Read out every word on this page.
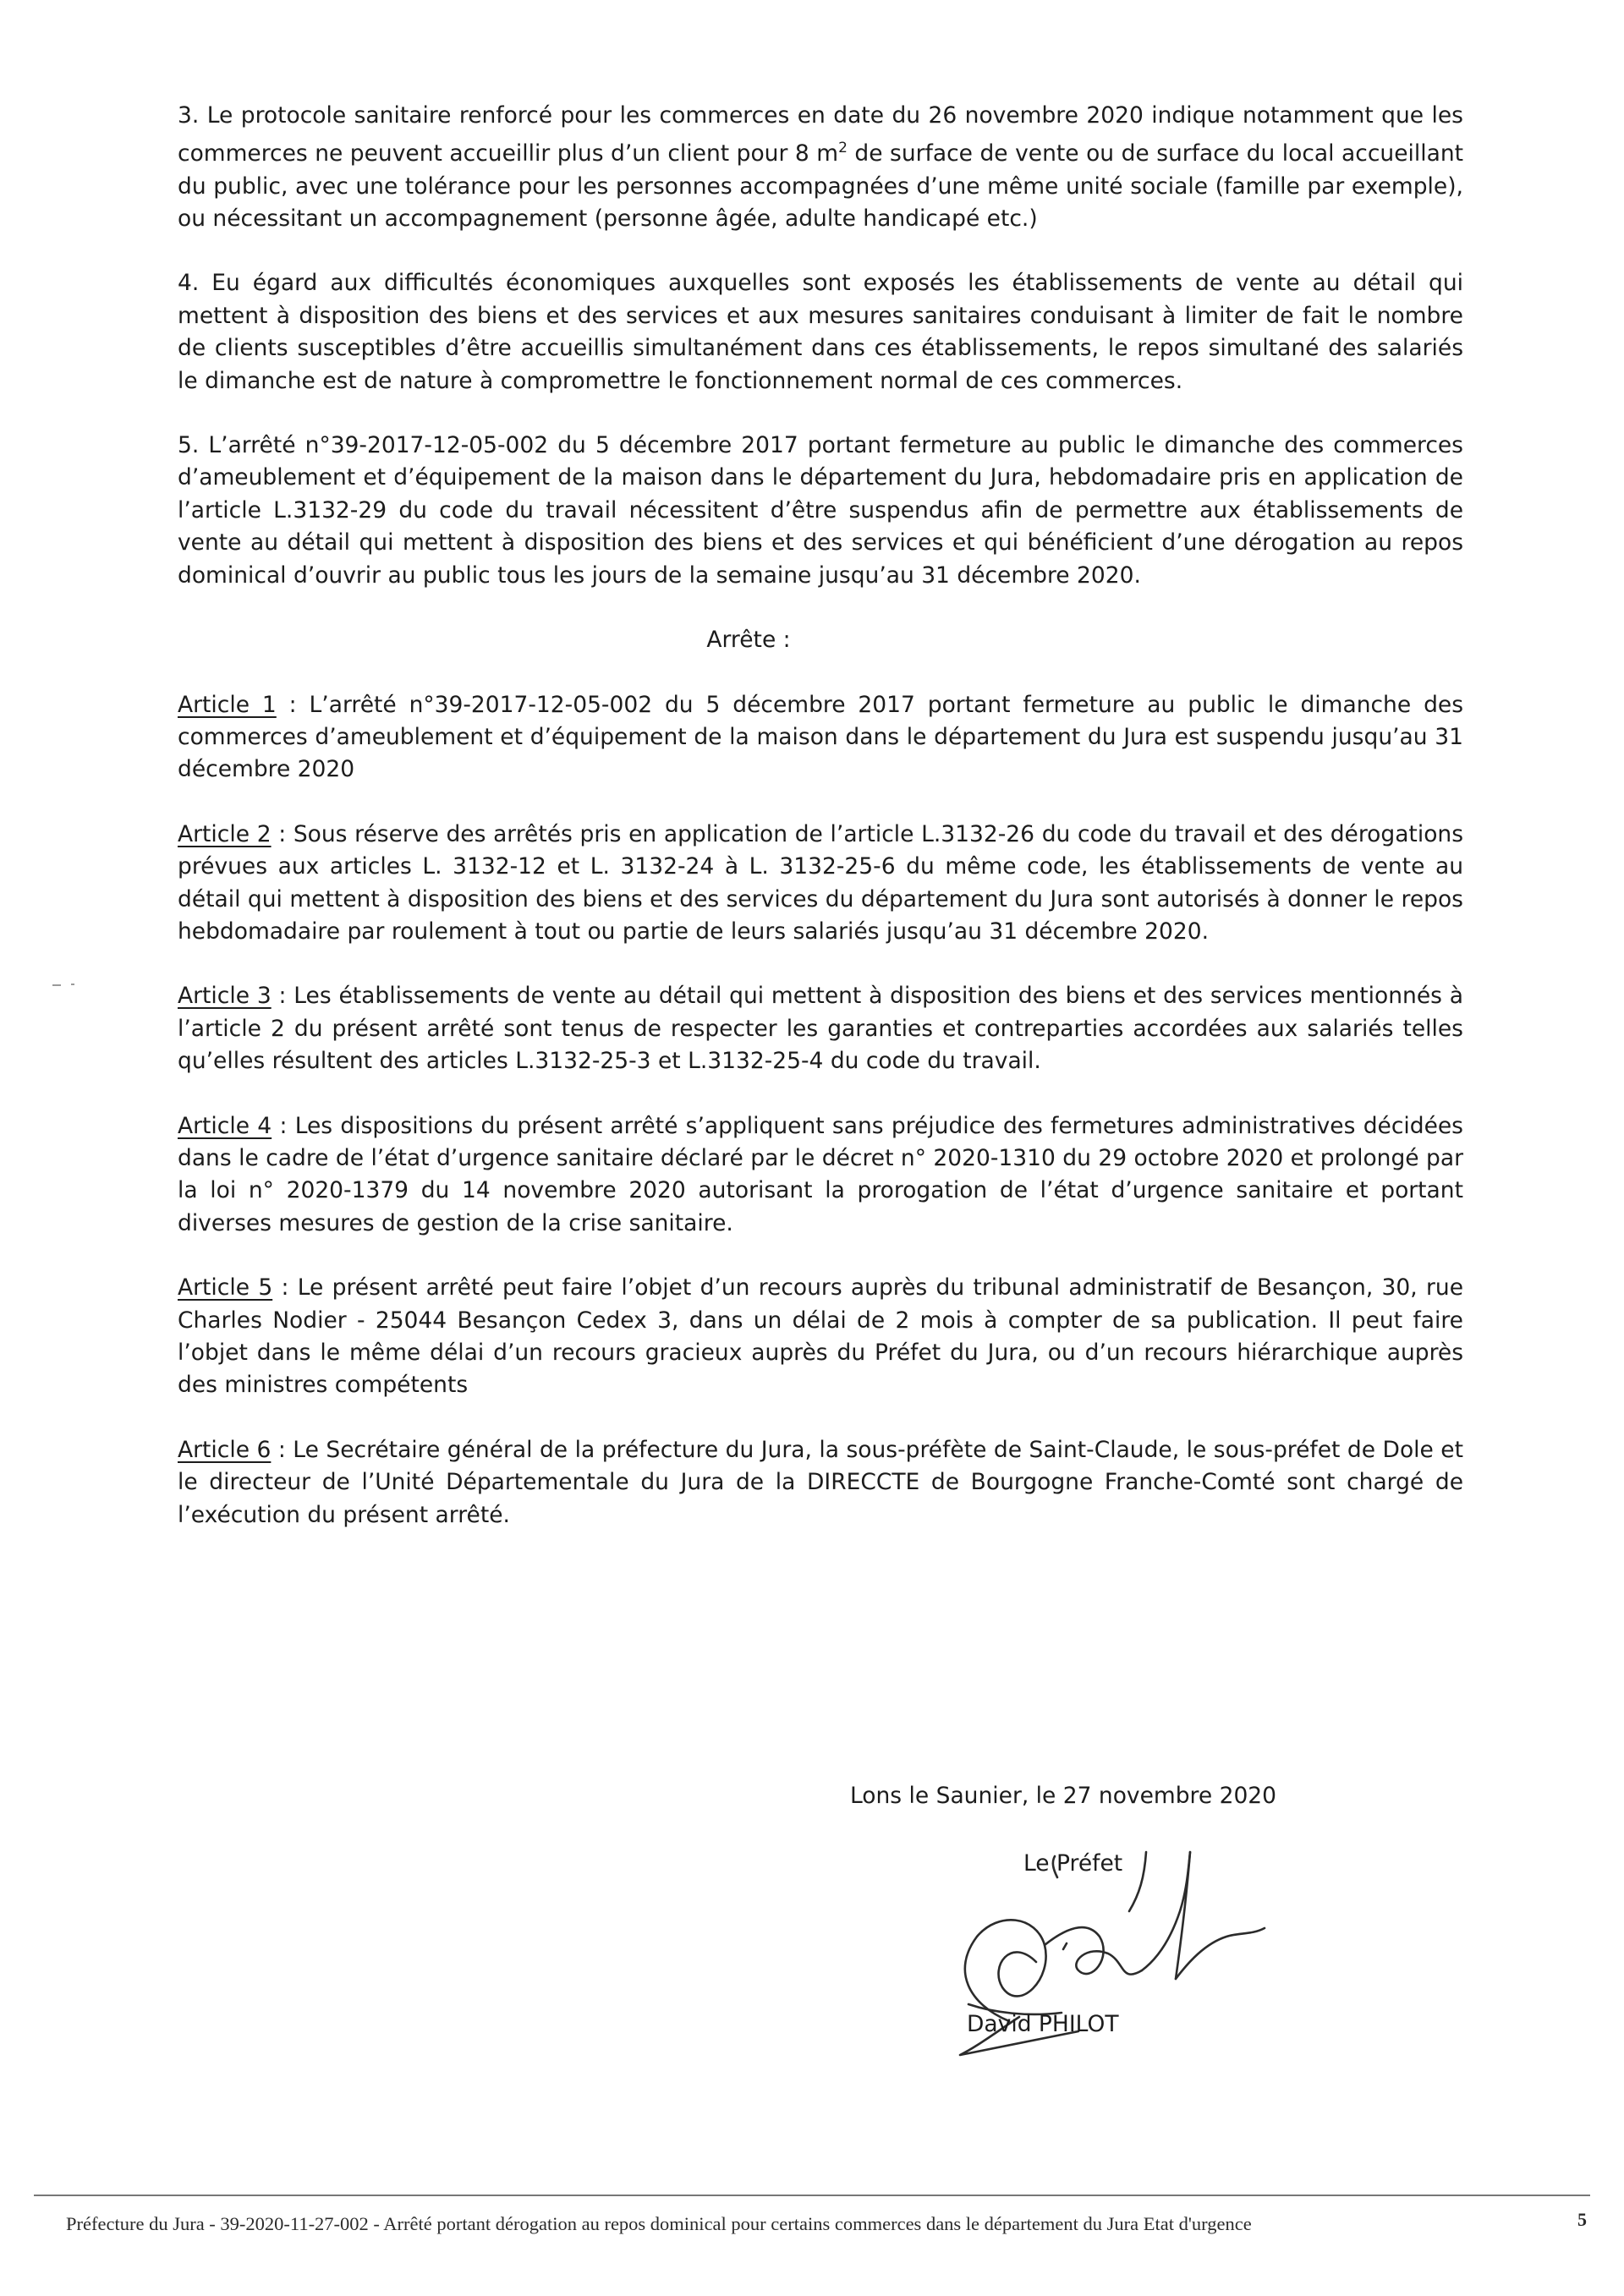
3. Le protocole sanitaire renforcé pour les commerces en date du 26 novembre 2020 indique notamment que les commerces ne peuvent accueillir plus d’un client pour 8 $m^2$ de surface de vente ou de surface du local accueillant du public, avec une tolérance pour les personnes accompagnées d’une même unité sociale (famille par exemple), ou nécessitant un accompagnement (personne âgée, adulte handicapé etc.)

4. Eu égard aux difficultés économiques auxquelles sont exposés les établissements de vente au détail qui mettent à disposition des biens et des services et aux mesures sanitaires conduisant à limiter de fait le nombre de clients susceptibles d’être accueillis simultanément dans ces établissements, le repos simultané des salariés le dimanche est de nature à compromettre le fonctionnement normal de ces commerces.

5. L’arrêté n°39-2017-12-05-002 du 5 décembre 2017 portant fermeture au public le dimanche des commerces d’ameublement et d’équipement de la maison dans le département du Jura, hebdomadaire pris en application de l’article L.3132-29 du code du travail nécessitent d’être suspendus afin de permettre aux établissements de vente au détail qui mettent à disposition des biens et des services et qui bénéficient d’une dérogation au repos dominical d’ouvrir au public tous les jours de la semaine jusqu’au 31 décembre 2020.

Arrête :

Article 1 : L’arrêté n°39-2017-12-05-002 du 5 décembre 2017 portant fermeture au public le dimanche des commerces d’ameublement et d’équipement de la maison dans le département du Jura est suspendu jusqu’au 31 décembre 2020

Article 2 : Sous réserve des arrêtés pris en application de l’article L.3132-26 du code du travail et des dérogations prévues aux articles L. 3132-12 et L. 3132-24 à L. 3132-25-6 du même code, les établissements de vente au détail qui mettent à disposition des biens et des services du département du Jura sont autorisés à donner le repos hebdomadaire par roulement à tout ou partie de leurs salariés jusqu’au 31 décembre 2020.

Article 3 : Les établissements de vente au détail qui mettent à disposition des biens et des services mentionnés à l’article 2 du présent arrêté sont tenus de respecter les garanties et contreparties accordées aux salariés telles qu’elles résultent des articles L.3132-25-3 et L.3132-25-4 du code du travail.

Article 4 : Les dispositions du présent arrêté s’appliquent sans préjudice des fermetures administratives décidées dans le cadre de l’état d’urgence sanitaire déclaré par le décret n° 2020-1310 du 29 octobre 2020 et prolongé par la loi n° 2020-1379 du 14 novembre 2020 autorisant la prorogation de l’état d’urgence sanitaire et portant diverses mesures de gestion de la crise sanitaire.

Article 5 : Le présent arrêté peut faire l’objet d’un recours auprès du tribunal administratif de Besançon, 30, rue Charles Nodier - 25044 Besançon Cedex 3, dans un délai de 2 mois à compter de sa publication. Il peut faire l’objet dans le même délai d’un recours gracieux auprès du Préfet du Jura, ou d’un recours hiérarchique auprès des ministres compétents

Article 6 : Le Secrétaire général de la préfecture du Jura, la sous-préfète de Saint-Claude, le sous-préfet de Dole et le directeur de l’Unité Départementale du Jura de la DIRECCTE de Bourgogne Franche-Comté sont chargé de l’exécution du présent arrêté.

Lons le Saunier, le 27 novembre 2020
Le Préfet
David PHILOT
Préfecture du Jura - 39-2020-11-27-002 - Arrêté portant dérogation au repos dominical pour certains commerces dans le département du Jura Etat d'urgence	5
